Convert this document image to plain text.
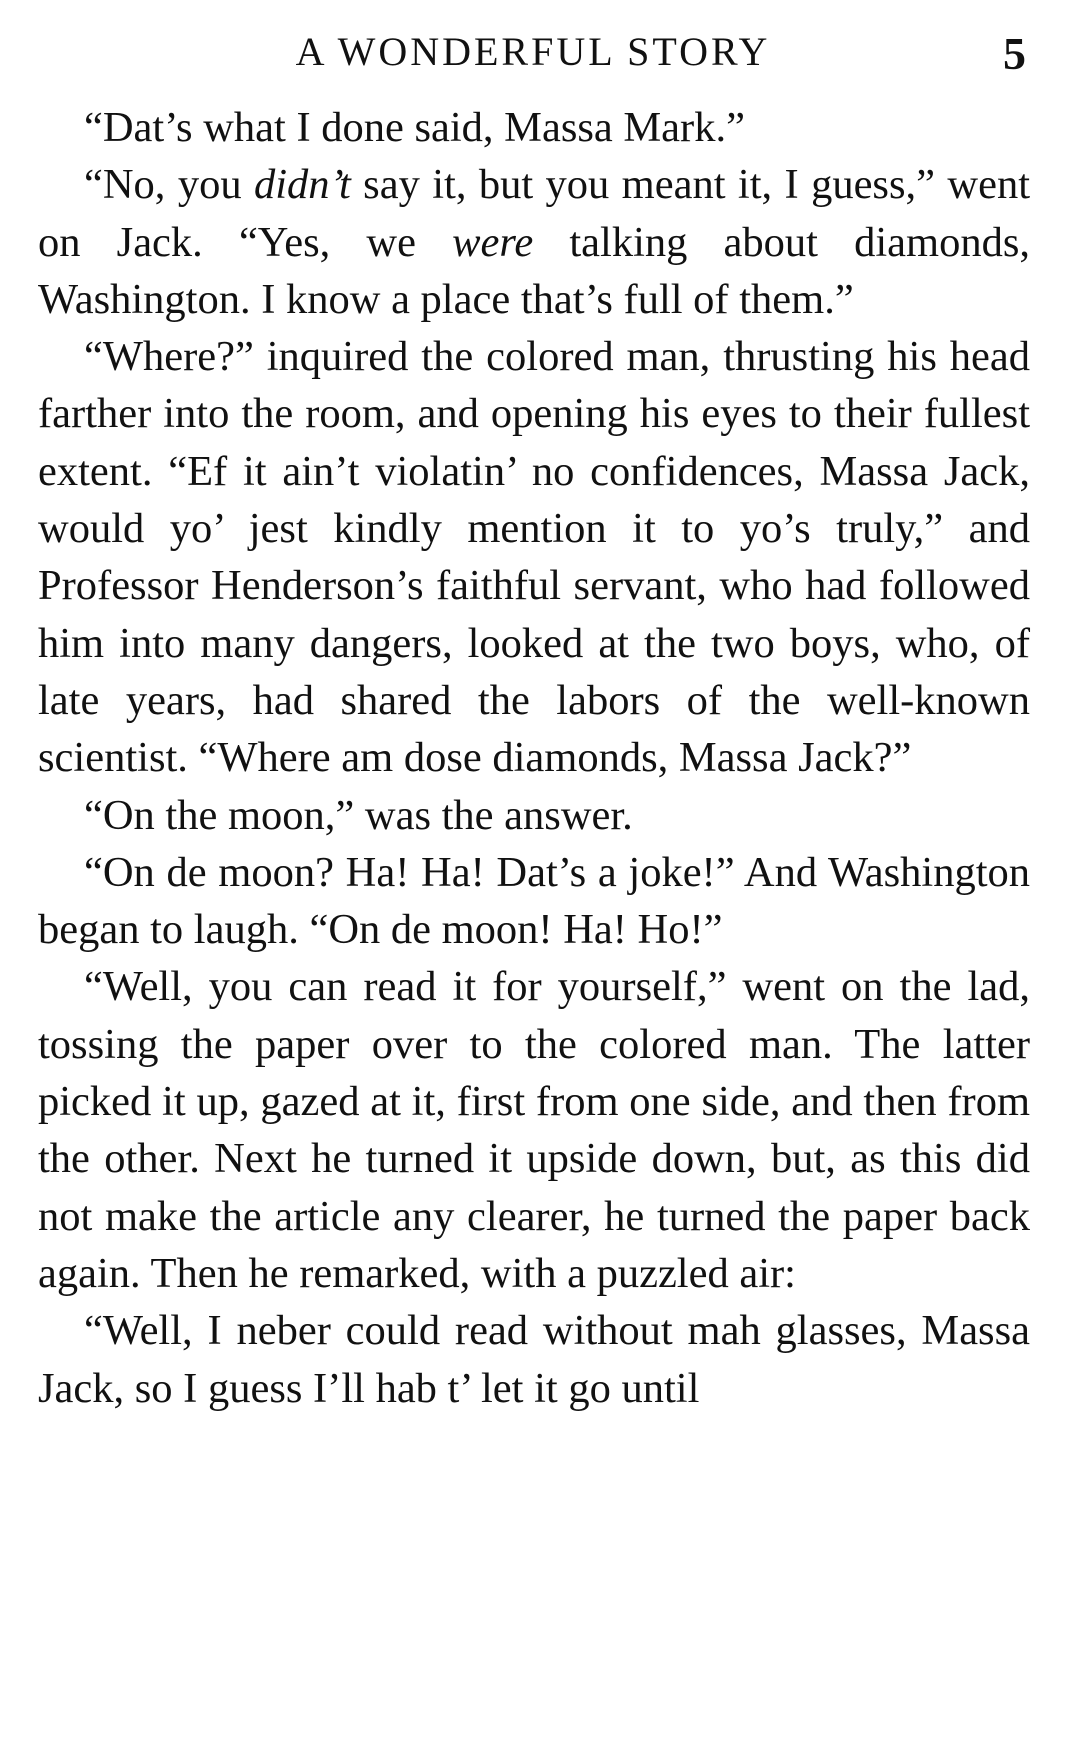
A WONDERFUL STORY	5

“Dat’s what I done said, Massa Mark.”

“No, you didn’t say it, but you meant it, I guess,” went on Jack. “Yes, we were talking about diamonds, Washington. I know a place that’s full of them.”

“Where?” inquired the colored man, thrusting his head farther into the room, and opening his eyes to their fullest extent. “Ef it ain’t violatin’ no confidences, Massa Jack, would yo’ jest kindly mention it to yo’s truly,” and Professor Henderson’s faithful servant, who had followed him into many dangers, looked at the two boys, who, of late years, had shared the labors of the well-known scientist. “Where am dose diamonds, Massa Jack?”

“On the moon,” was the answer.

“On de moon? Ha! Ha! Dat’s a joke!” And Washington began to laugh. “On de moon! Ha! Ho!”

“Well, you can read it for yourself,” went on the lad, tossing the paper over to the colored man. The latter picked it up, gazed at it, first from one side, and then from the other. Next he turned it upside down, but, as this did not make the article any clearer, he turned the paper back again. Then he remarked, with a puzzled air:

“Well, I neber could read without mah glasses, Massa Jack, so I guess I’ll hab t’ let it go until
